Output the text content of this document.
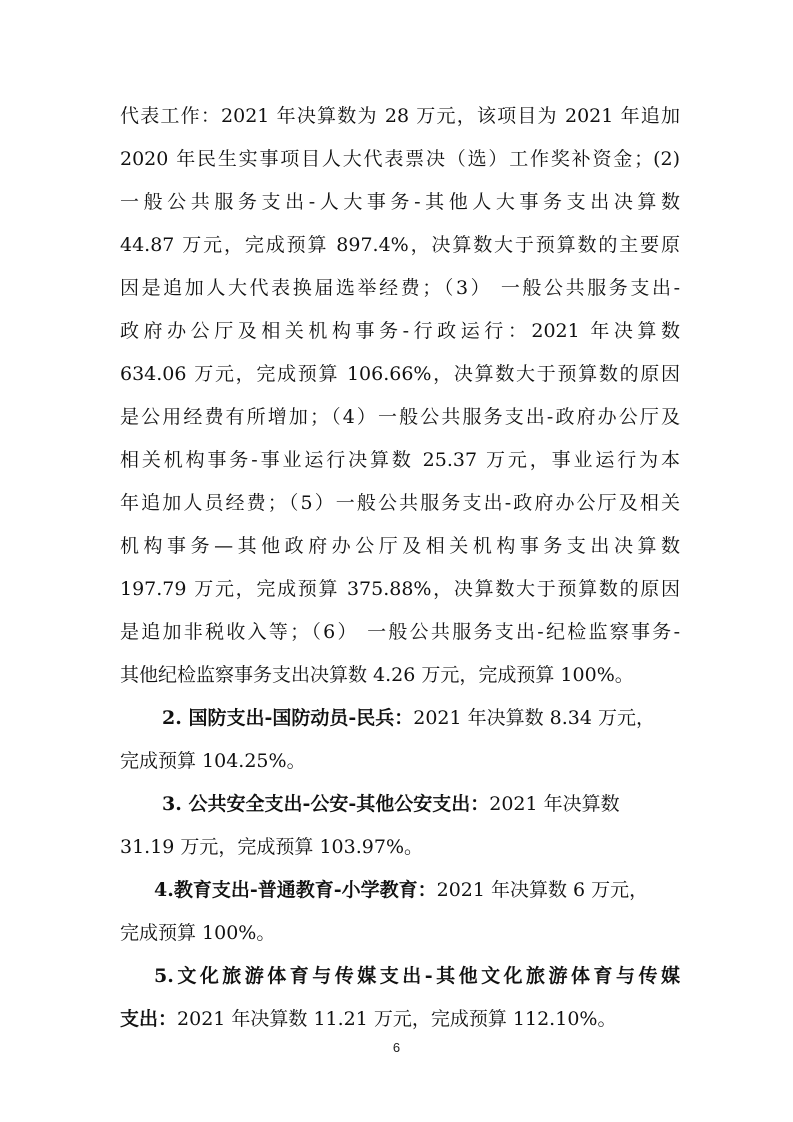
代表工作：2021 年决算数为 28 万元，该项目为 2021 年追加
2020 年民生实事项目人大代表票决（选）工作奖补资金；(2)
一般公共服务支出-人大事务-其他人大事务支出决算数
44.87 万元，完成预算 897.4%，决算数大于预算数的主要原
因是追加人大代表换届选举经费；（3） 一般公共服务支出-
政府办公厅及相关机构事务-行政运行：2021 年决算数
634.06 万元，完成预算 106.66%，决算数大于预算数的原因
是公用经费有所增加；（4）一般公共服务支出-政府办公厅及
相关机构事务-事业运行决算数 25.37 万元，事业运行为本
年追加人员经费；（5）一般公共服务支出-政府办公厅及相关
机构事务—其他政府办公厅及相关机构事务支出决算数
197.79 万元，完成预算 375.88%，决算数大于预算数的原因
是追加非税收入等；（6） 一般公共服务支出-纪检监察事务-
其他纪检监察事务支出决算数 4.26 万元，完成预算 100%。
2. 国防支出-国防动员-民兵：2021 年决算数 8.34 万元，
完成预算 104.25%。
3. 公共安全支出-公安-其他公安支出：2021 年决算数
31.19 万元，完成预算 103.97%。
4.教育支出-普通教育-小学教育：2021 年决算数 6 万元，
完成预算 100%。
5.文化旅游体育与传媒支出-其他文化旅游体育与传媒
支出：2021 年决算数 11.21 万元，完成预算 112.10%。
6
